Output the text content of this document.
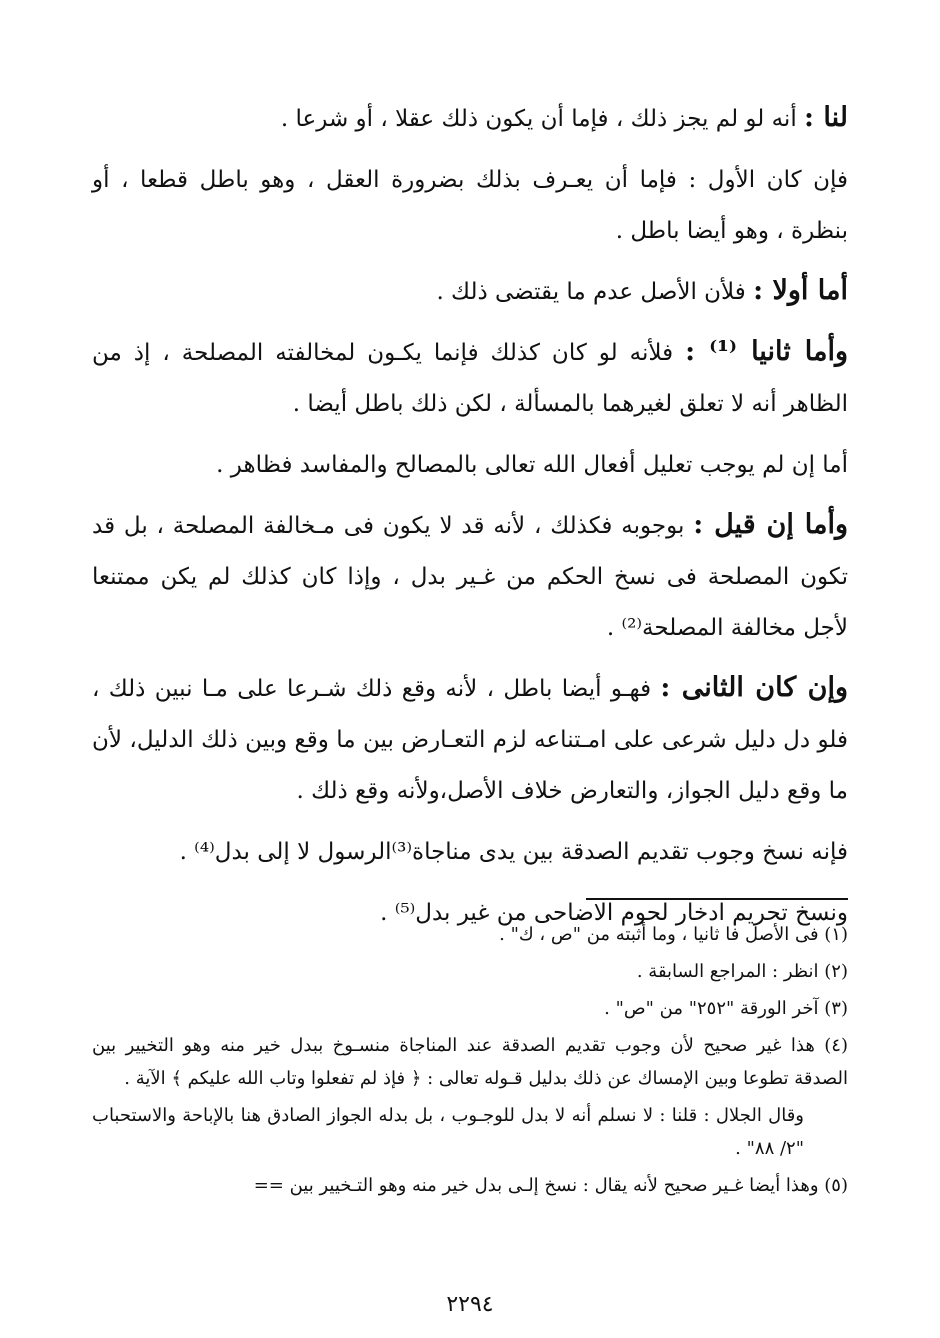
لنا : أنه لو لم يجز ذلك ، فإما أن يكون ذلك عقلا ، أو شرعا .

فإن كان الأول : فإما أن يعـرف بذلك بضرورة العقل ، وهو باطل قطعا ، أو بنظرة ، وهو أيضا باطل .

أما أولا : فلأن الأصل عدم ما يقتضى ذلك .

وأما ثانيا ⁽¹⁾ : فلأنه لو كان كذلك فإنما يكـون لمخالفته المصلحة ، إذ من الظاهر أنه لا تعلق لغيرهما بالمسألة ، لكن ذلك باطل أيضا .

أما إن لم يوجب تعليل أفعال الله تعالى بالمصالح والمفاسد فظاهر .

وأما إن قيل : بوجوبه فكذلك ، لأنه قد لا يكون فى مـخالفة المصلحة ، بل قد تكون المصلحة فى نسخ الحكم من غـير بدل ، وإذا كان كذلك لم يكن ممتنعا لأجل مخالفة المصلحة⁽²⁾ .

وإن كان الثانى : فهـو أيضا باطل ، لأنه وقع ذلك شـرعا على مـا نبين ذلك ، فلو دل دليل شرعى على امـتناعه لزم التعـارض بين ما وقع وبين ذلك الدليل، لأن ما وقع دليل الجواز، والتعارض خلاف الأصل،ولأنه وقع ذلك .

فإنه نسخ وجوب تقديم الصدقة بين يدى مناجاة⁽³⁾الرسول لا إلى بدل⁽⁴⁾ .

ونسخ تحريم ادخار لحوم الاضاحى من غير بدل⁽⁵⁾ .

(١) فى الأصل فا ثانيا ، وما أثبته من "ص ، ك" .

(٢) انظر : المراجع السابقة .

(٣) آخر الورقة "٢٥٢" من "ص" .

(٤) هذا غير صحيح لأن وجوب تقديم الصدقة عند المناجاة منسـوخ ببدل خير منه وهو التخيير بين الصدقة تطوعا وبين الإمساك عن ذلك بدليل قـوله تعالى : ﴿ فإذ لم تفعلوا وتاب الله عليكم ﴾ الآية .

وقال الجلال : قلنا : لا نسلم أنه لا بدل للوجـوب ، بل بدله الجواز الصادق هنا بالإباحة والاستحباب "٢/ ٨٨" .

(٥) وهذا أيضا غـير صحيح لأنه يقال : نسخ إلـى بدل خير منه وهو التـخيير بين ==

٢٢٩٤
